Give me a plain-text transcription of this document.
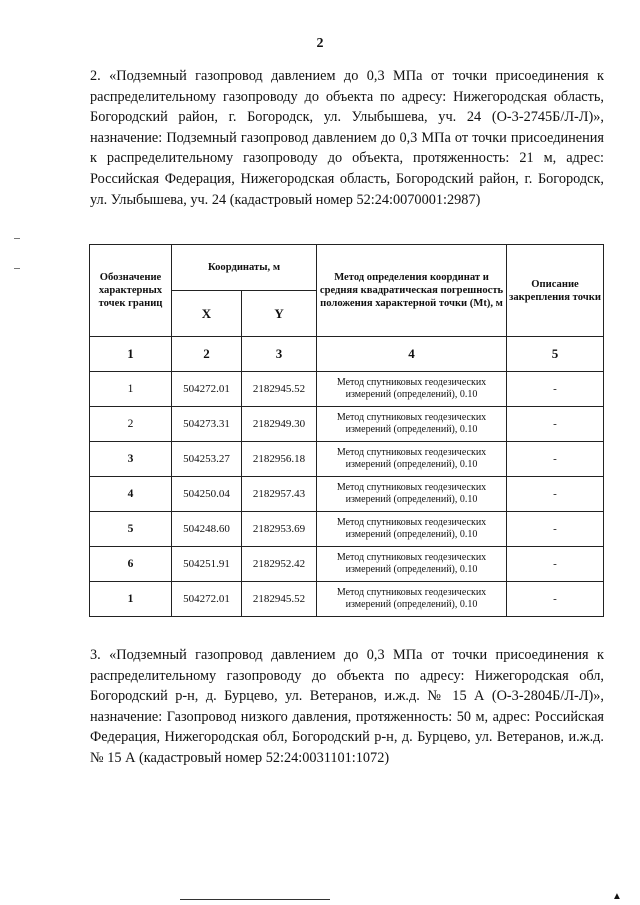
2

2. «Подземный газопровод давлением до 0,3 МПа от точки присоединения к распределительному газопроводу до объекта по адресу: Нижегородская область, Богородский район, г. Богородск, ул. Улыбышева, уч. 24 (О-3-2745Б/Л-Л)», назначение: Подземный газопровод давлением до 0,3 МПа от точки присоединения к распределительному газопроводу до объекта, протяженность: 21 м, адрес: Российская Федерация, Нижегородская область, Богородский район, г. Богородск, ул. Улыбышева, уч. 24 (кадастровый номер 52:24:0070001:2987)

Обозначение характерных точек границ	Координаты, м		Метод определения координат и средняя квадратическая погрешность положения характерной точки (Mt), м	Описание закрепления точки
	X	Y		
1	2	3	4	5
1	504272.01	2182945.52	Метод спутниковых геодезических измерений (определений), 0.10	-
2	504273.31	2182949.30	Метод спутниковых геодезических измерений (определений), 0.10	-
3	504253.27	2182956.18	Метод спутниковых геодезических измерений (определений), 0.10	-
4	504250.04	2182957.43	Метод спутниковых геодезических измерений (определений), 0.10	-
5	504248.60	2182953.69	Метод спутниковых геодезических измерений (определений), 0.10	-
6	504251.91	2182952.42	Метод спутниковых геодезических измерений (определений), 0.10	-
1	504272.01	2182945.52	Метод спутниковых геодезических измерений (определений), 0.10	-

3. «Подземный газопровод давлением до 0,3 МПа от точки присоединения к распределительному газопроводу до объекта по адресу: Нижегородская обл, Богородский р-н, д. Бурцево, ул. Ветеранов, и.ж.д. № 15 А (О-3-2804Б/Л-Л)», назначение: Газопровод низкого давления, протяженность: 50 м, адрес: Российская Федерация, Нижегородская обл, Богородский р-н, д. Бурцево, ул. Ветеранов, и.ж.д. № 15 А (кадастровый номер 52:24:0031101:1072)

▲
